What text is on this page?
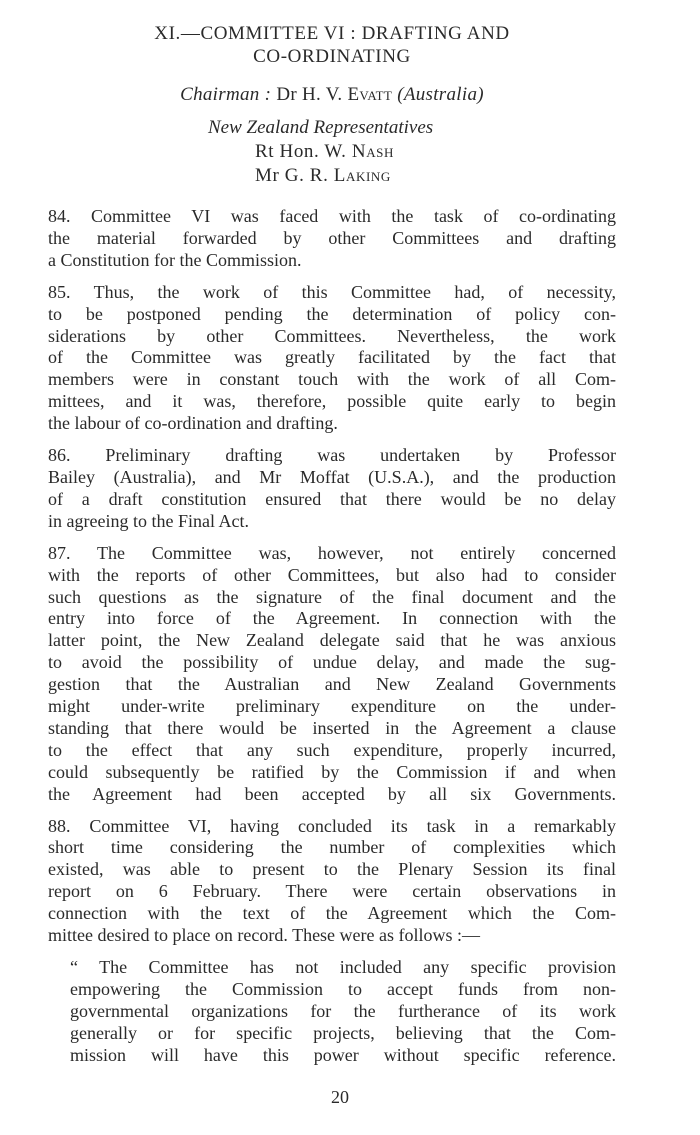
XI.—COMMITTEE VI : DRAFTING AND
CO-ORDINATING
Chairman : Dr H. V. Evatt (Australia)
New Zealand Representatives
Rt Hon. W. Nash
Mr G. R. Laking
84. Committee VI was faced with the task of co-ordinating
the material forwarded by other Committees and drafting
a Constitution for the Commission.
85. Thus, the work of this Committee had, of necessity,
to be postponed pending the determination of policy con-
siderations by other Committees. Nevertheless, the work
of the Committee was greatly facilitated by the fact that
members were in constant touch with the work of all Com-
mittees, and it was, therefore, possible quite early to begin
the labour of co-ordination and drafting.
86. Preliminary drafting was undertaken by Professor
Bailey (Australia), and Mr Moffat (U.S.A.), and the production
of a draft constitution ensured that there would be no delay
in agreeing to the Final Act.
87. The Committee was, however, not entirely concerned
with the reports of other Committees, but also had to consider
such questions as the signature of the final document and the
entry into force of the Agreement. In connection with the
latter point, the New Zealand delegate said that he was anxious
to avoid the possibility of undue delay, and made the sug-
gestion that the Australian and New Zealand Governments
might under-write preliminary expenditure on the under-
standing that there would be inserted in the Agreement a clause
to the effect that any such expenditure, properly incurred,
could subsequently be ratified by the Commission if and when
the Agreement had been accepted by all six Governments.
88. Committee VI, having concluded its task in a remarkably
short time considering the number of complexities which
existed, was able to present to the Plenary Session its final
report on 6 February. There were certain observations in
connection with the text of the Agreement which the Com-
mittee desired to place on record. These were as follows :—
“ The Committee has not included any specific provision
empowering the Commission to accept funds from non-
governmental organizations for the furtherance of its work
generally or for specific projects, believing that the Com-
mission will have this power without specific reference.
20
